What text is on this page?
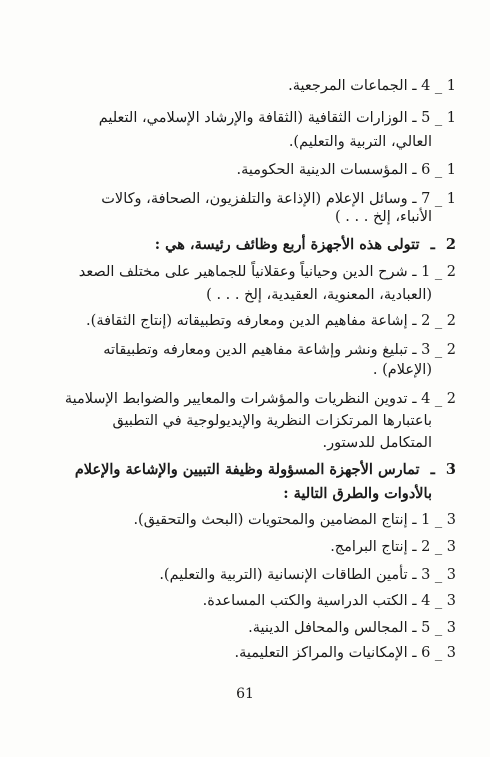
4 _ 1 ـ الجماعات المرجعية.
5 _ 1 ـ الوزارات الثقافية (الثقافة والإرشاد الإسلامي، التعليم
العالي، التربية والتعليم).
6 _ 1 ـ المؤسسات الدينية الحكومية.
7 _ 1 ـ وسائل الإعلام (الإذاعة والتلفزيون، الصحافة، وكالات
الأنباء، إلخ . . . )
2 ـ تتولى هذه الأجهزة أربع وظائف رئيسة، هي :
1 _ 2 ـ شرح الدين وحيانياً وعقلانياً للجماهير على مختلف الصعد
(العبادية، المعنوية، العقيدية، إلخ . . . )
2 _ 2 ـ إشاعة مفاهيم الدين ومعارفه وتطبيقاته (إنتاج الثقافة).
3 _ 2 ـ تبليغ ونشر وإشاعة مفاهيم الدين ومعارفه وتطبيقاته
(الإعلام) .
4 _ 2 ـ تدوين النظريات والمؤشرات والمعايير والضوابط الإسلامية
باعتبارها المرتكزات النظرية والإيديولوجية في التطبيق
المتكامل للدستور.
3 ـ تمارس الأجهزة المسؤولة وظيفة التبيين والإشاعة والإعلام
بالأدوات والطرق التالية :
1 _ 3 ـ إنتاج المضامين والمحتويات (البحث والتحقيق).
2 _ 3 ـ إنتاج البرامج.
3 _ 3 ـ تأمين الطاقات الإنسانية (التربية والتعليم).
4 _ 3 ـ الكتب الدراسية والكتب المساعدة.
5 _ 3 ـ المجالس والمحافل الدينية.
6 _ 3 ـ الإمكانيات والمراكز التعليمية.
61
